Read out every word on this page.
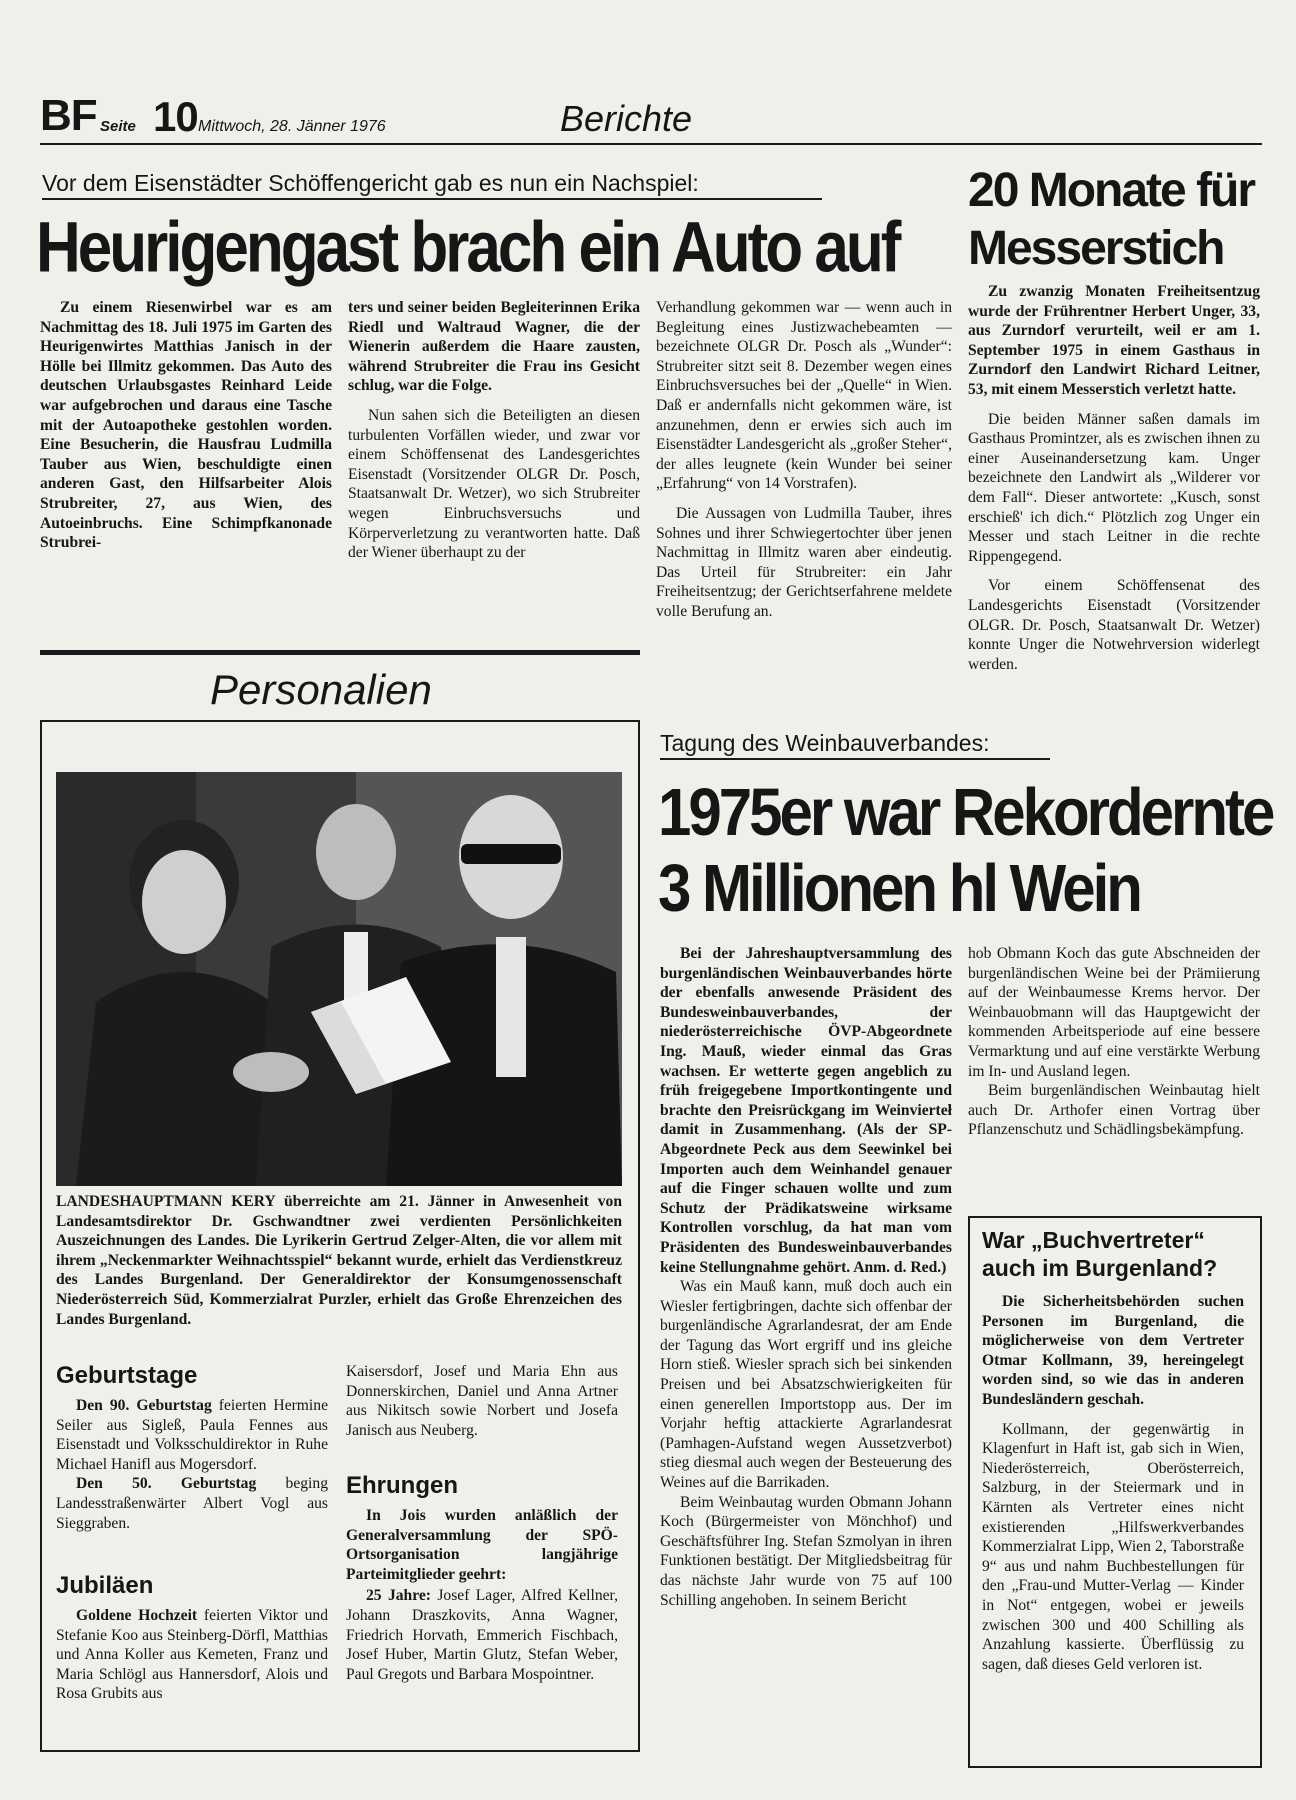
BF Seite 10 Mittwoch, 28. Jänner 1976	Berichte
Vor dem Eisenstädter Schöffengericht gab es nun ein Nachspiel:
Heurigengast brach ein Auto auf

Zu einem Riesenwirbel war es am Nachmittag des 18. Juli 1975 im Garten des Heurigenwirtes Matthias Janisch in der Hölle bei Illmitz gekommen. Das Auto des deutschen Urlaubsgastes Reinhard Leide war aufgebrochen und daraus eine Tasche mit der Autoapotheke gestohlen worden. Eine Besucherin, die Hausfrau Ludmilla Tauber aus Wien, beschuldigte einen anderen Gast, den Hilfsarbeiter Alois Strubreiter, 27, aus Wien, des Autoeinbruchs. Eine Schimpfkanonade Strubrei-

ters und seiner beiden Begleiterinnen Erika Riedl und Waltraud Wagner, die der Wienerin außerdem die Haare zausten, während Strubreiter die Frau ins Gesicht schlug, war die Folge.

Nun sahen sich die Beteiligten an diesen turbulenten Vorfällen wieder, und zwar vor einem Schöffensenat des Landesgerichtes Eisenstadt (Vorsitzender OLGR Dr. Posch, Staatsanwalt Dr. Wetzer), wo sich Strubreiter wegen Einbruchsversuchs und Körperverletzung zu verantworten hatte. Daß der Wiener überhaupt zu der

Verhandlung gekommen war — wenn auch in Begleitung eines Justizwachebeamten — bezeichnete OLGR Dr. Posch als „Wunder“: Strubreiter sitzt seit 8. Dezember wegen eines Einbruchsversuches bei der „Quelle“ in Wien. Daß er andernfalls nicht gekommen wäre, ist anzunehmen, denn er erwies sich auch im Eisenstädter Landesgericht als „großer Steher“, der alles leugnete (kein Wunder bei seiner „Erfahrung“ von 14 Vorstrafen).

Die Aussagen von Ludmilla Tauber, ihres Sohnes und ihrer Schwiegertochter über jenen Nachmittag in Illmitz waren aber eindeutig. Das Urteil für Strubreiter: ein Jahr Freiheitsentzug; der Gerichtserfahrene meldete volle Berufung an.

20 Monate für
Messerstich

Zu zwanzig Monaten Freiheitsentzug wurde der Frührentner Herbert Unger, 33, aus Zurndorf verurteilt, weil er am 1. September 1975 in einem Gasthaus in Zurndorf den Landwirt Richard Leitner, 53, mit einem Messerstich verletzt hatte.

Die beiden Männer saßen damals im Gasthaus Promintzer, als es zwischen ihnen zu einer Auseinandersetzung kam. Unger bezeichnete den Landwirt als „Wilderer vor dem Fall“. Dieser antwortete: „Kusch, sonst erschieß' ich dich.“ Plötzlich zog Unger ein Messer und stach Leitner in die rechte Rippengegend.

Vor einem Schöffensenat des Landesgerichts Eisenstadt (Vorsitzender OLGR. Dr. Posch, Staatsanwalt Dr. Wetzer) konnte Unger die Notwehrversion widerlegt werden.

Personalien

LANDESHAUPTMANN KERY überreichte am 21. Jänner in Anwesenheit von Landesamtsdirektor Dr. Gschwandtner zwei verdienten Persönlichkeiten Auszeichnungen des Landes. Die Lyrikerin Gertrud Zelger-Alten, die vor allem mit ihrem „Neckenmarkter Weihnachtsspiel“ bekannt wurde, erhielt das Verdienstkreuz des Landes Burgenland. Der Generaldirektor der Konsumgenossenschaft Niederösterreich Süd, Kommerzialrat Purzler, erhielt das Große Ehrenzeichen des Landes Burgenland.

Geburtstage

Den 90. Geburtstag feierten Hermine Seiler aus Sigleß, Paula Fennes aus Eisenstadt und Volksschuldirektor in Ruhe Michael Hanifl aus Mogersdorf.

Den 50. Geburtstag beging Landesstraßenwärter Albert Vogl aus Sieggraben.

Jubiläen

Goldene Hochzeit feierten Viktor und Stefanie Koo aus Steinberg-Dörfl, Matthias und Anna Koller aus Kemeten, Franz und Maria Schlögl aus Hannersdorf, Alois und Rosa Grubits aus

Kaisersdorf, Josef und Maria Ehn aus Donnerskirchen, Daniel und Anna Artner aus Nikitsch sowie Norbert und Josefa Janisch aus Neuberg.

Ehrungen

In Jois wurden anläßlich der Generalversammlung der SPÖ-Ortsorganisation langjährige Parteimitglieder geehrt:

25 Jahre: Josef Lager, Alfred Kellner, Johann Draszkovits, Anna Wagner, Friedrich Horvath, Emmerich Fischbach, Josef Huber, Martin Glutz, Stefan Weber, Paul Gregots und Barbara Mospointner.

Tagung des Weinbauverbandes:
1975er war Rekordernte
3 Millionen hl Wein

Bei der Jahreshauptversammlung des burgenländischen Weinbauverbandes hörte der ebenfalls anwesende Präsident des Bundesweinbauverbandes, der niederösterreichische ÖVP-Abgeordnete Ing. Mauß, wieder einmal das Gras wachsen. Er wetterte gegen angeblich zu früh freigegebene Importkontingente und brachte den Preisrückgang im Weinvierteł damit in Zusammenhang. (Als der SP-Abgeordnete Peck aus dem Seewinkel bei Importen auch dem Weinhandel genauer auf die Finger schauen wollte und zum Schutz der Prädikatsweine wirksame Kontrollen vorschlug, da hat man vom Präsidenten des Bundesweinbauverbandes keine Stellungnahme gehört. Anm. d. Red.)

Was ein Mauß kann, muß doch auch ein Wiesler fertigbringen, dachte sich offenbar der burgenländische Agrarlandesrat, der am Ende der Tagung das Wort ergriff und ins gleiche Horn stieß. Wiesler sprach sich bei sinkenden Preisen und bei Absatzschwierigkeiten für einen generellen Importstopp aus. Der im Vorjahr heftig attackierte Agrarlandesrat (Pamhagen-Aufstand wegen Aussetzverbot) stieg diesmal auch wegen der Besteuerung des Weines auf die Barrikaden.

Beim Weinbautag wurden Obmann Johann Koch (Bürgermeister von Mönchhof) und Geschäftsführer Ing. Stefan Szmolyan in ihren Funktionen bestätigt. Der Mitgliedsbeitrag für das nächste Jahr wurde von 75 auf 100 Schilling angehoben. In seinem Bericht

hob Obmann Koch das gute Abschneiden der burgenländischen Weine bei der Prämiierung auf der Weinbaumesse Krems hervor. Der Weinbauobmann will das Hauptgewicht der kommenden Arbeitsperiode auf eine bessere Vermarktung und auf eine verstärkte Werbung im In- und Ausland legen.

Beim burgenländischen Weinbautag hielt auch Dr. Arthofer einen Vortrag über Pflanzenschutz und Schädlingsbekämpfung.

War „Buchvertreter“ auch im Burgenland?

Die Sicherheitsbehörden suchen Personen im Burgenland, die möglicherweise von dem Vertreter Otmar Kollmann, 39, hereingelegt worden sind, so wie das in anderen Bundesländern geschah.

Kollmann, der gegenwärtig in Klagenfurt in Haft ist, gab sich in Wien, Niederösterreich, Oberösterreich, Salzburg, in der Steiermark und in Kärnten als Vertreter eines nicht existierenden „Hilfswerkverbandes Kommerzialrat Lipp, Wien 2, Taborstraße 9“ aus und nahm Buchbestellungen für den „Frau-und Mutter-Verlag — Kinder in Not“ entgegen, wobei er jeweils zwischen 300 und 400 Schilling als Anzahlung kassierte. Überflüssig zu sagen, daß dieses Geld verloren ist.
